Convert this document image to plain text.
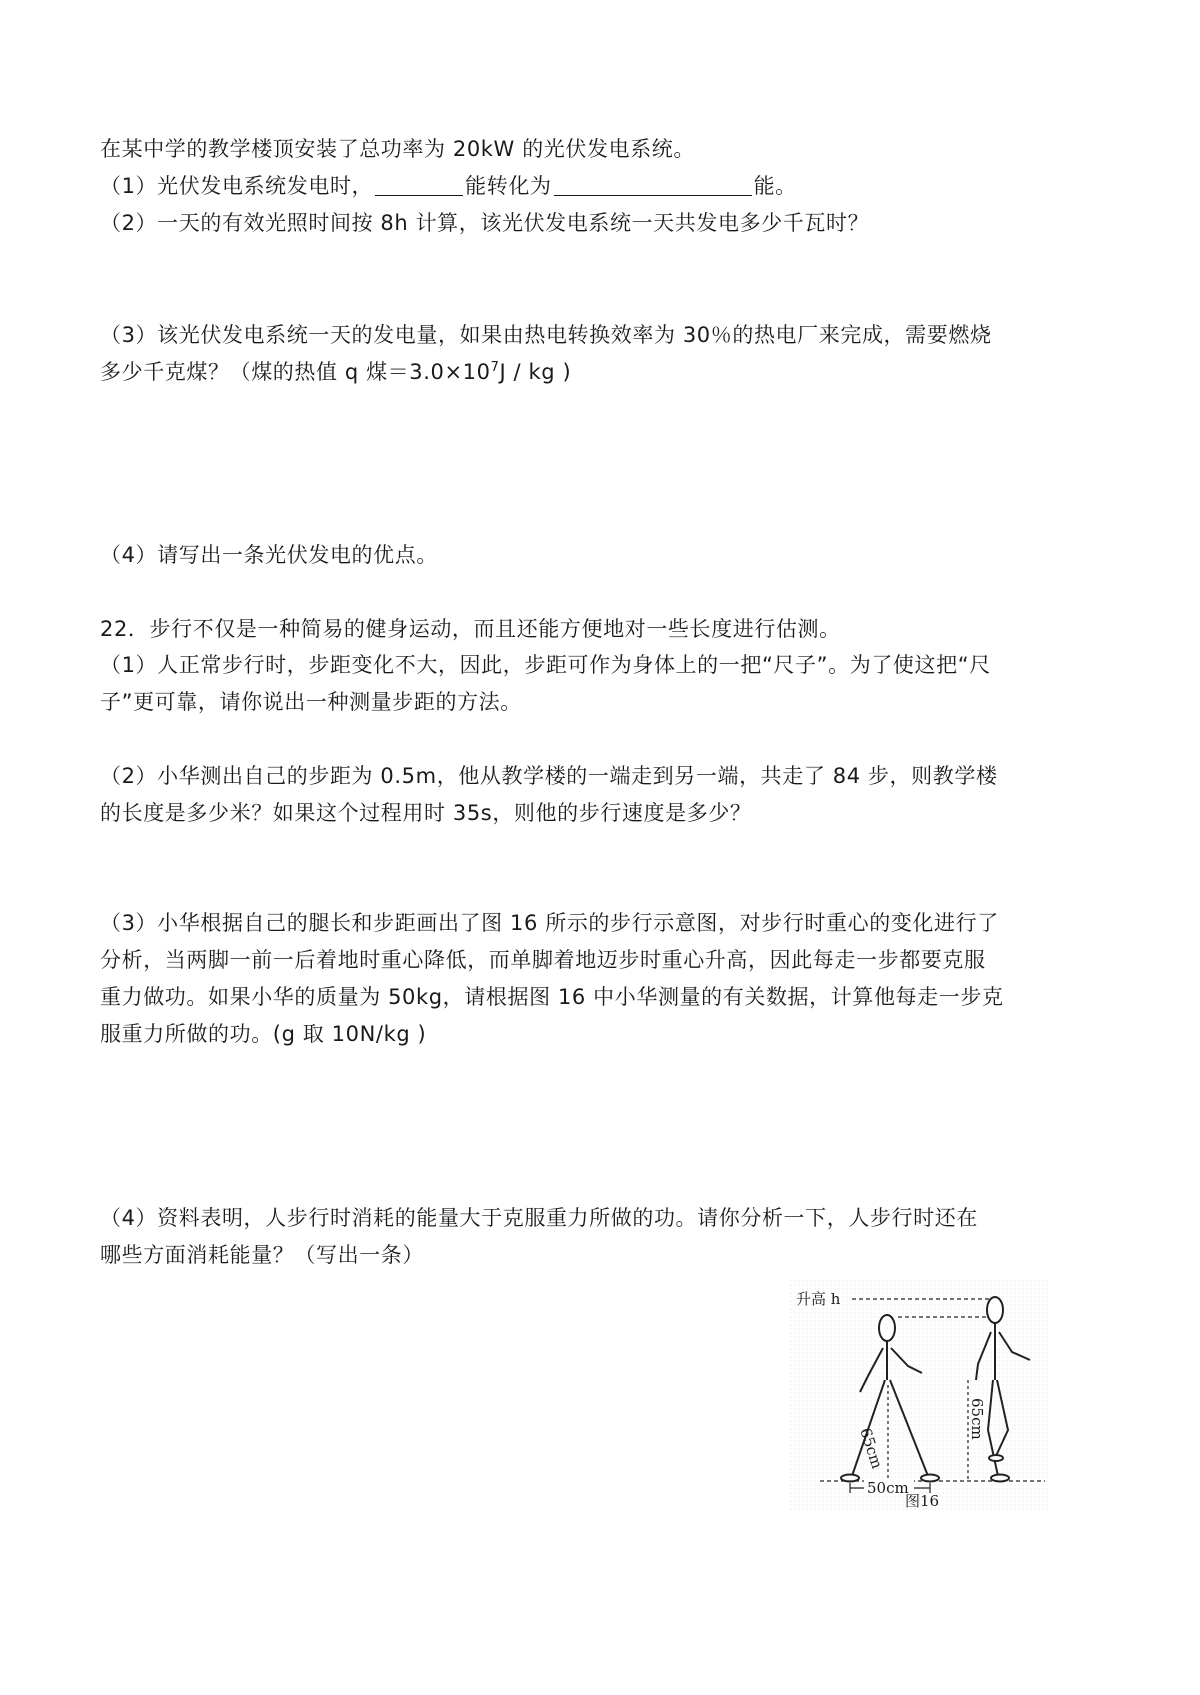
在某中学的教学楼顶安装了总功率为 20kW 的光伏发电系统。
（1）光伏发电系统发电时，	能转化为	能。
（2）一天的有效光照时间按 8h 计算，该光伏发电系统一天共发电多少千瓦时？
（3）该光伏发电系统一天的发电量，如果由热电转换效率为 30％的热电厂来完成，需要燃烧
多少千克煤？（煤的热值 q 煤$=3.0\times 10^7J$ / kg )
（4）请写出一条光伏发电的优点。
22．步行不仅是一种简易的健身运动，而且还能方便地对一些长度进行估测。
（1）人正常步行时，步距变化不大，因此，步距可作为身体上的一把“尺子”。为了使这把“尺
子”更可靠，请你说出一种测量步距的方法。
（2）小华测出自己的步距为 0.5m，他从教学楼的一端走到另一端，共走了 84 步，则教学楼
的长度是多少米？如果这个过程用时 35s，则他的步行速度是多少？
（3）小华根据自己的腿长和步距画出了图 16 所示的步行示意图，对步行时重心的变化进行了
分析，当两脚一前一后着地时重心降低，而单脚着地迈步时重心升高，因此每走一步都要克服
重力做功。如果小华的质量为 50kg，请根据图 16 中小华测量的有关数据，计算他每走一步克
服重力所做的功。(g 取 10N/kg )
（4）资料表明，人步行时消耗的能量大于克服重力所做的功。请你分析一下，人步行时还在
哪些方面消耗能量？（写出一条）
升高 h
65cm
65cm
50cm
图16
